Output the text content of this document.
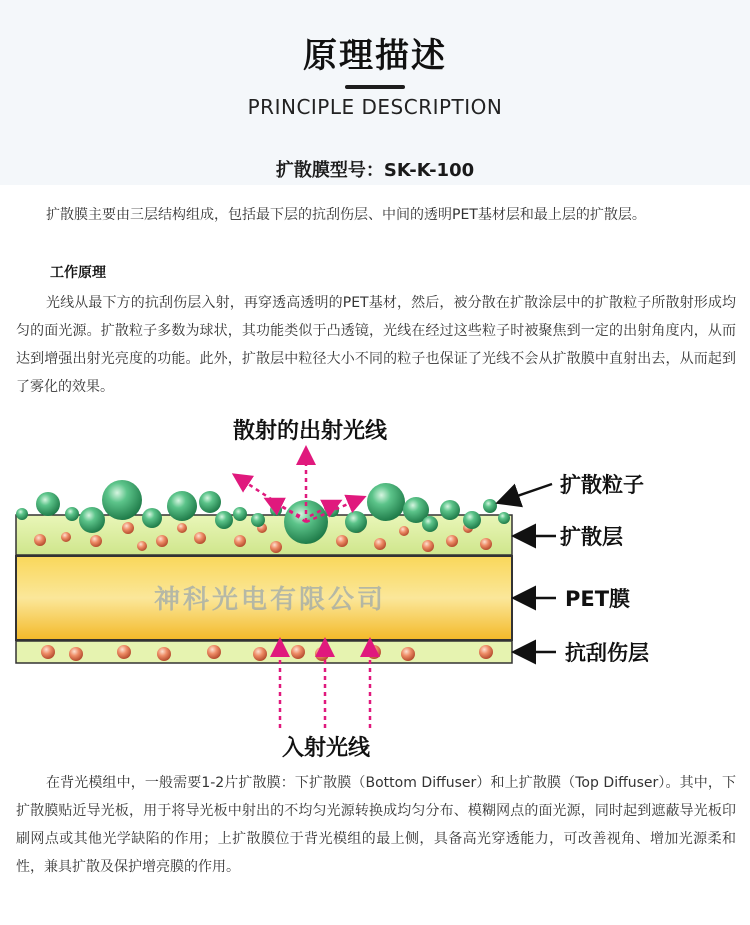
原理描述
PRINCIPLE DESCRIPTION
扩散膜型号：SK-K-100
扩散膜主要由三层结构组成，包括最下层的抗刮伤层、中间的透明PET基材层和最上层的扩散层。
工作原理
光线从最下方的抗刮伤层入射，再穿透高透明的PET基材，然后，被分散在扩散涂层中的扩散粒子所散射形成均匀的面光源。扩散粒子多数为球状，其功能类似于凸透镜，光线在经过这些粒子时被聚焦到一定的出射角度内，从而达到增强出射光亮度的功能。此外，扩散层中粒径大小不同的粒子也保证了光线不会从扩散膜中直射出去，从而起到了雾化的效果。
散射的出射光线
神科光电有限公司
入射光线
扩散粒子
扩散层
PET膜
抗刮伤层
在背光模组中，一般需要1-2片扩散膜：下扩散膜（Bottom Diffuser）和上扩散膜（Top Diffuser）。其中，下扩散膜贴近导光板，用于将导光板中射出的不均匀光源转换成均匀分布、模糊网点的面光源，同时起到遮蔽导光板印刷网点或其他光学缺陷的作用；上扩散膜位于背光模组的最上侧，具备高光穿透能力，可改善视角、增加光源柔和性，兼具扩散及保护增亮膜的作用。
